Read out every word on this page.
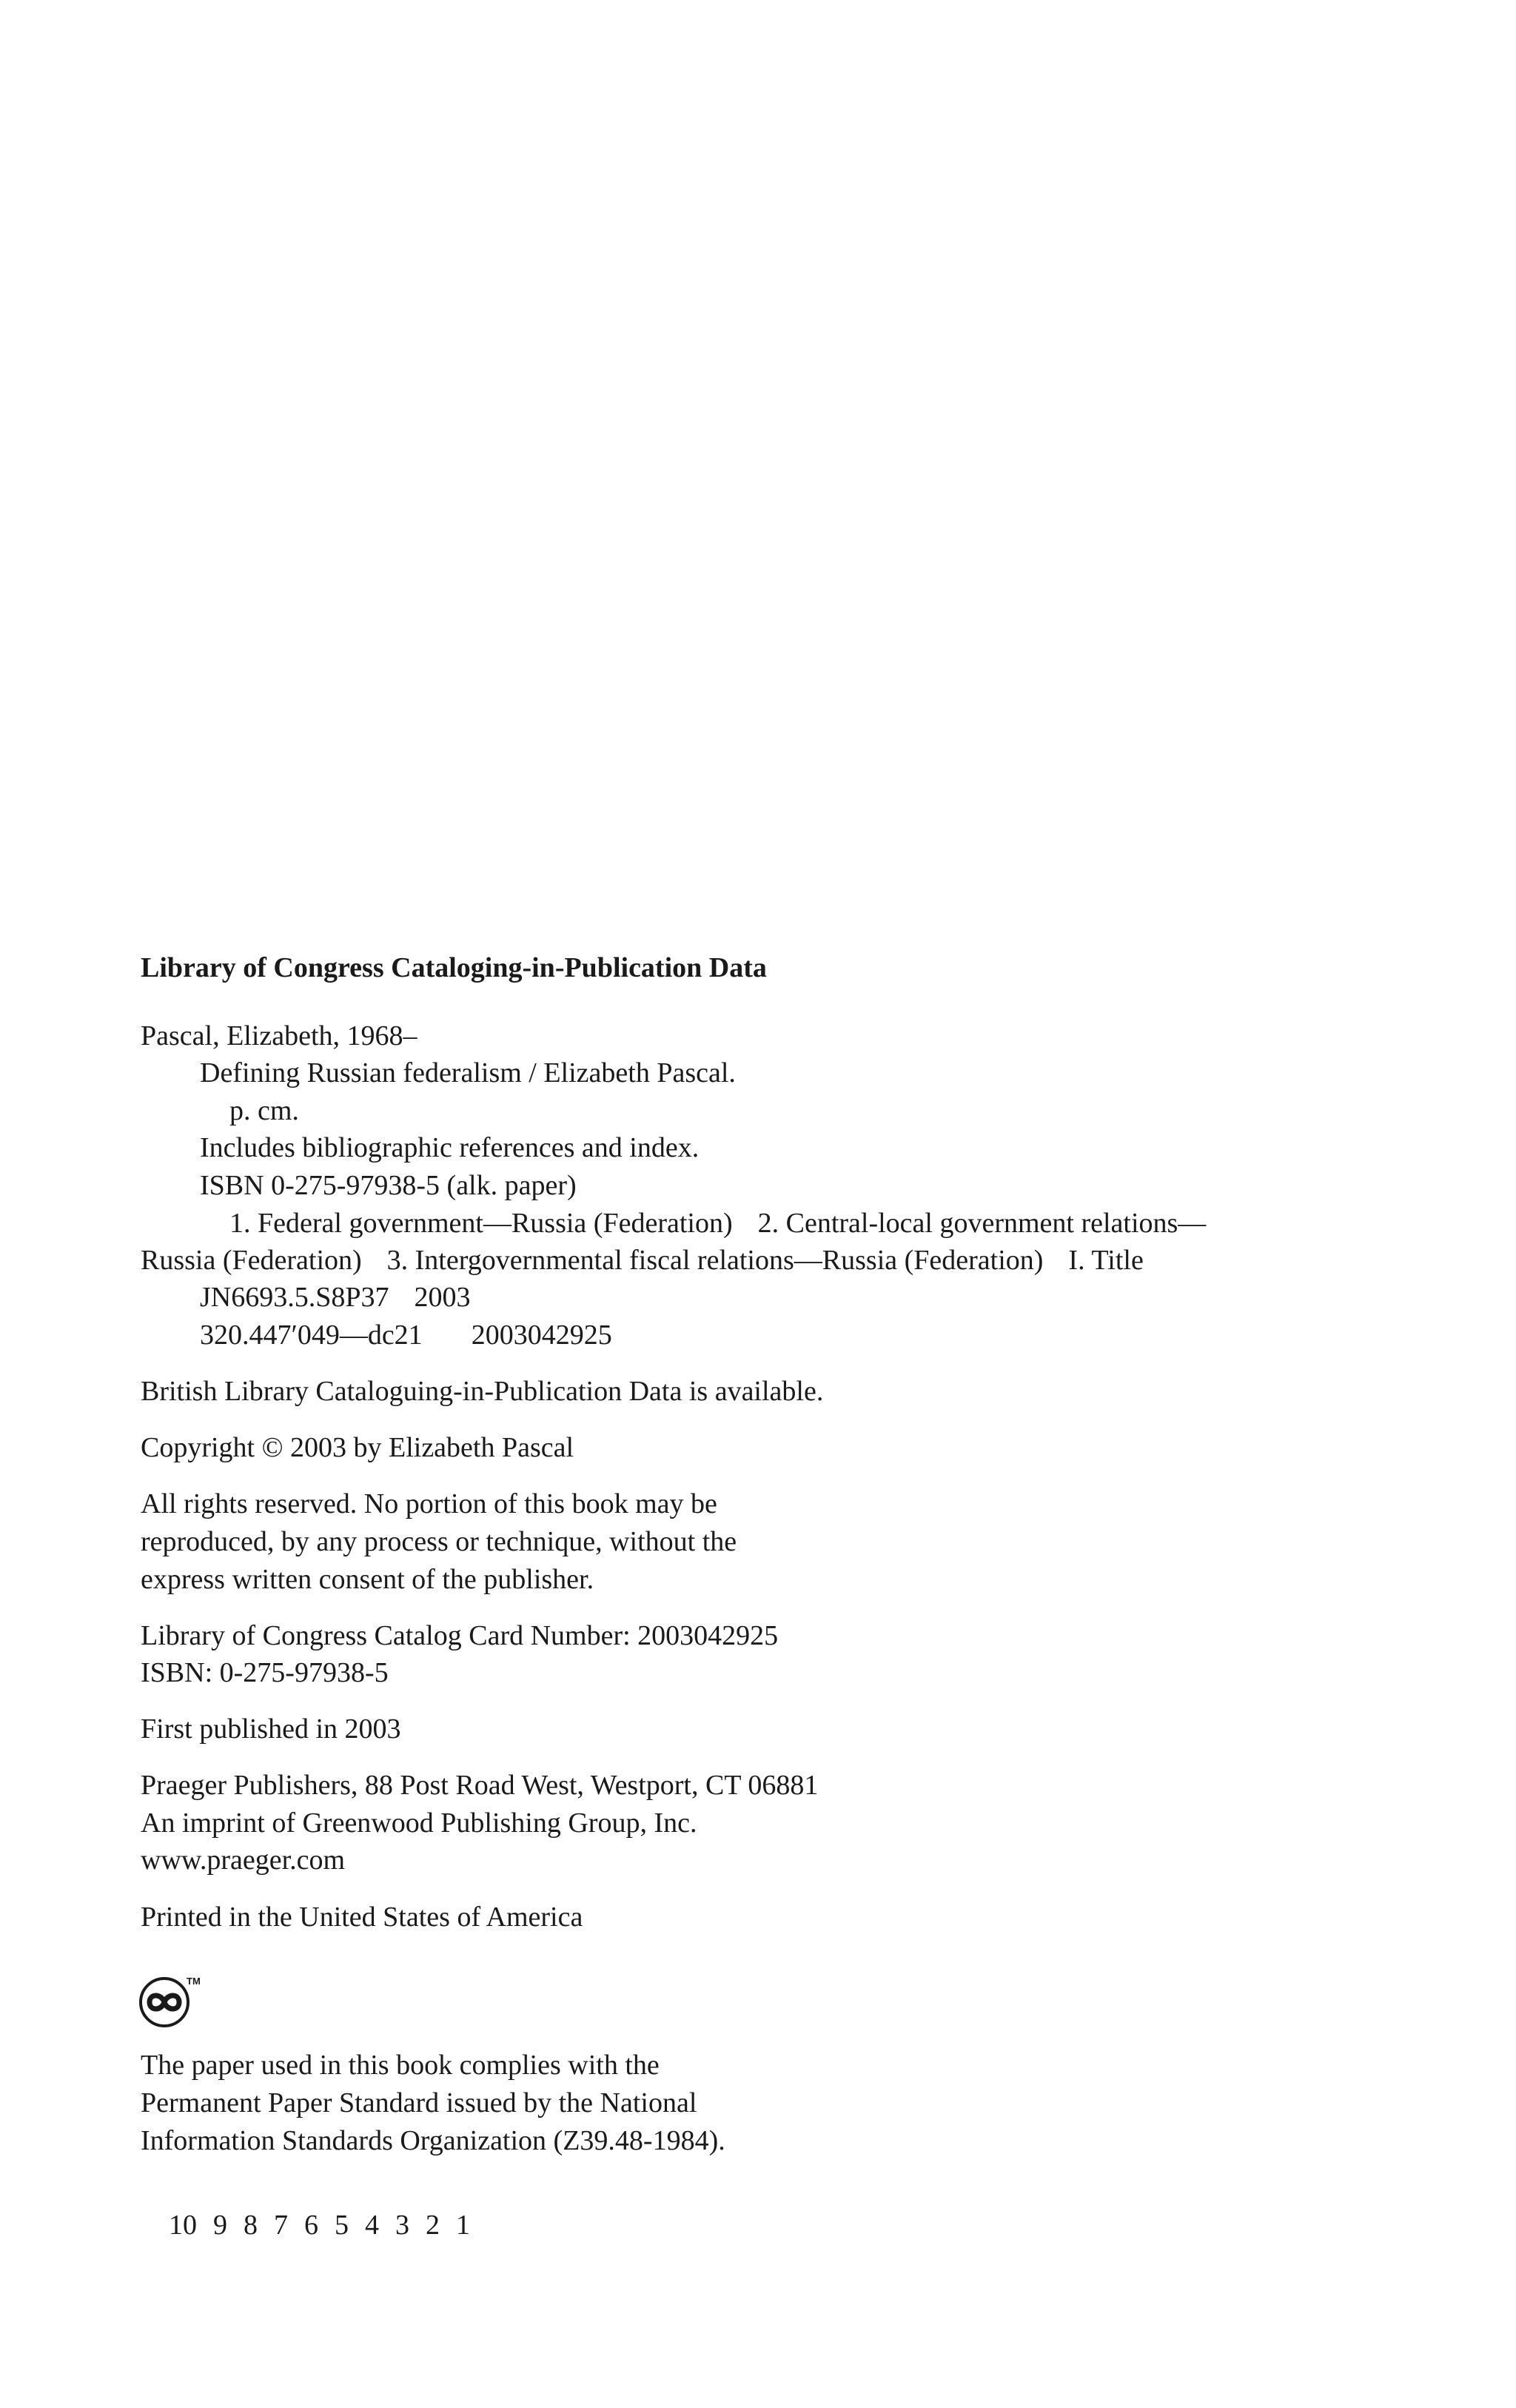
Library of Congress Cataloging-in-Publication Data
Pascal, Elizabeth, 1968–
Defining Russian federalism / Elizabeth Pascal.
p. cm.
Includes bibliographic references and index.
ISBN 0-275-97938-5 (alk. paper)
1. Federal government—Russia (Federation) 2. Central-local government relations—
Russia (Federation) 3. Intergovernmental fiscal relations—Russia (Federation) I. Title
JN6693.5.S8P37 2003
320.447′049—dc21 2003042925
British Library Cataloguing-in-Publication Data is available.
Copyright © 2003 by Elizabeth Pascal
All rights reserved. No portion of this book may be
reproduced, by any process or technique, without the
express written consent of the publisher.
Library of Congress Catalog Card Number: 2003042925
ISBN: 0-275-97938-5
First published in 2003
Praeger Publishers, 88 Post Road West, Westport, CT 06881
An imprint of Greenwood Publishing Group, Inc.
www.praeger.com
Printed in the United States of America
TM
The paper used in this book complies with the
Permanent Paper Standard issued by the National
Information Standards Organization (Z39.48-1984).

10 9 8 7 6 5 4 3 2 1
